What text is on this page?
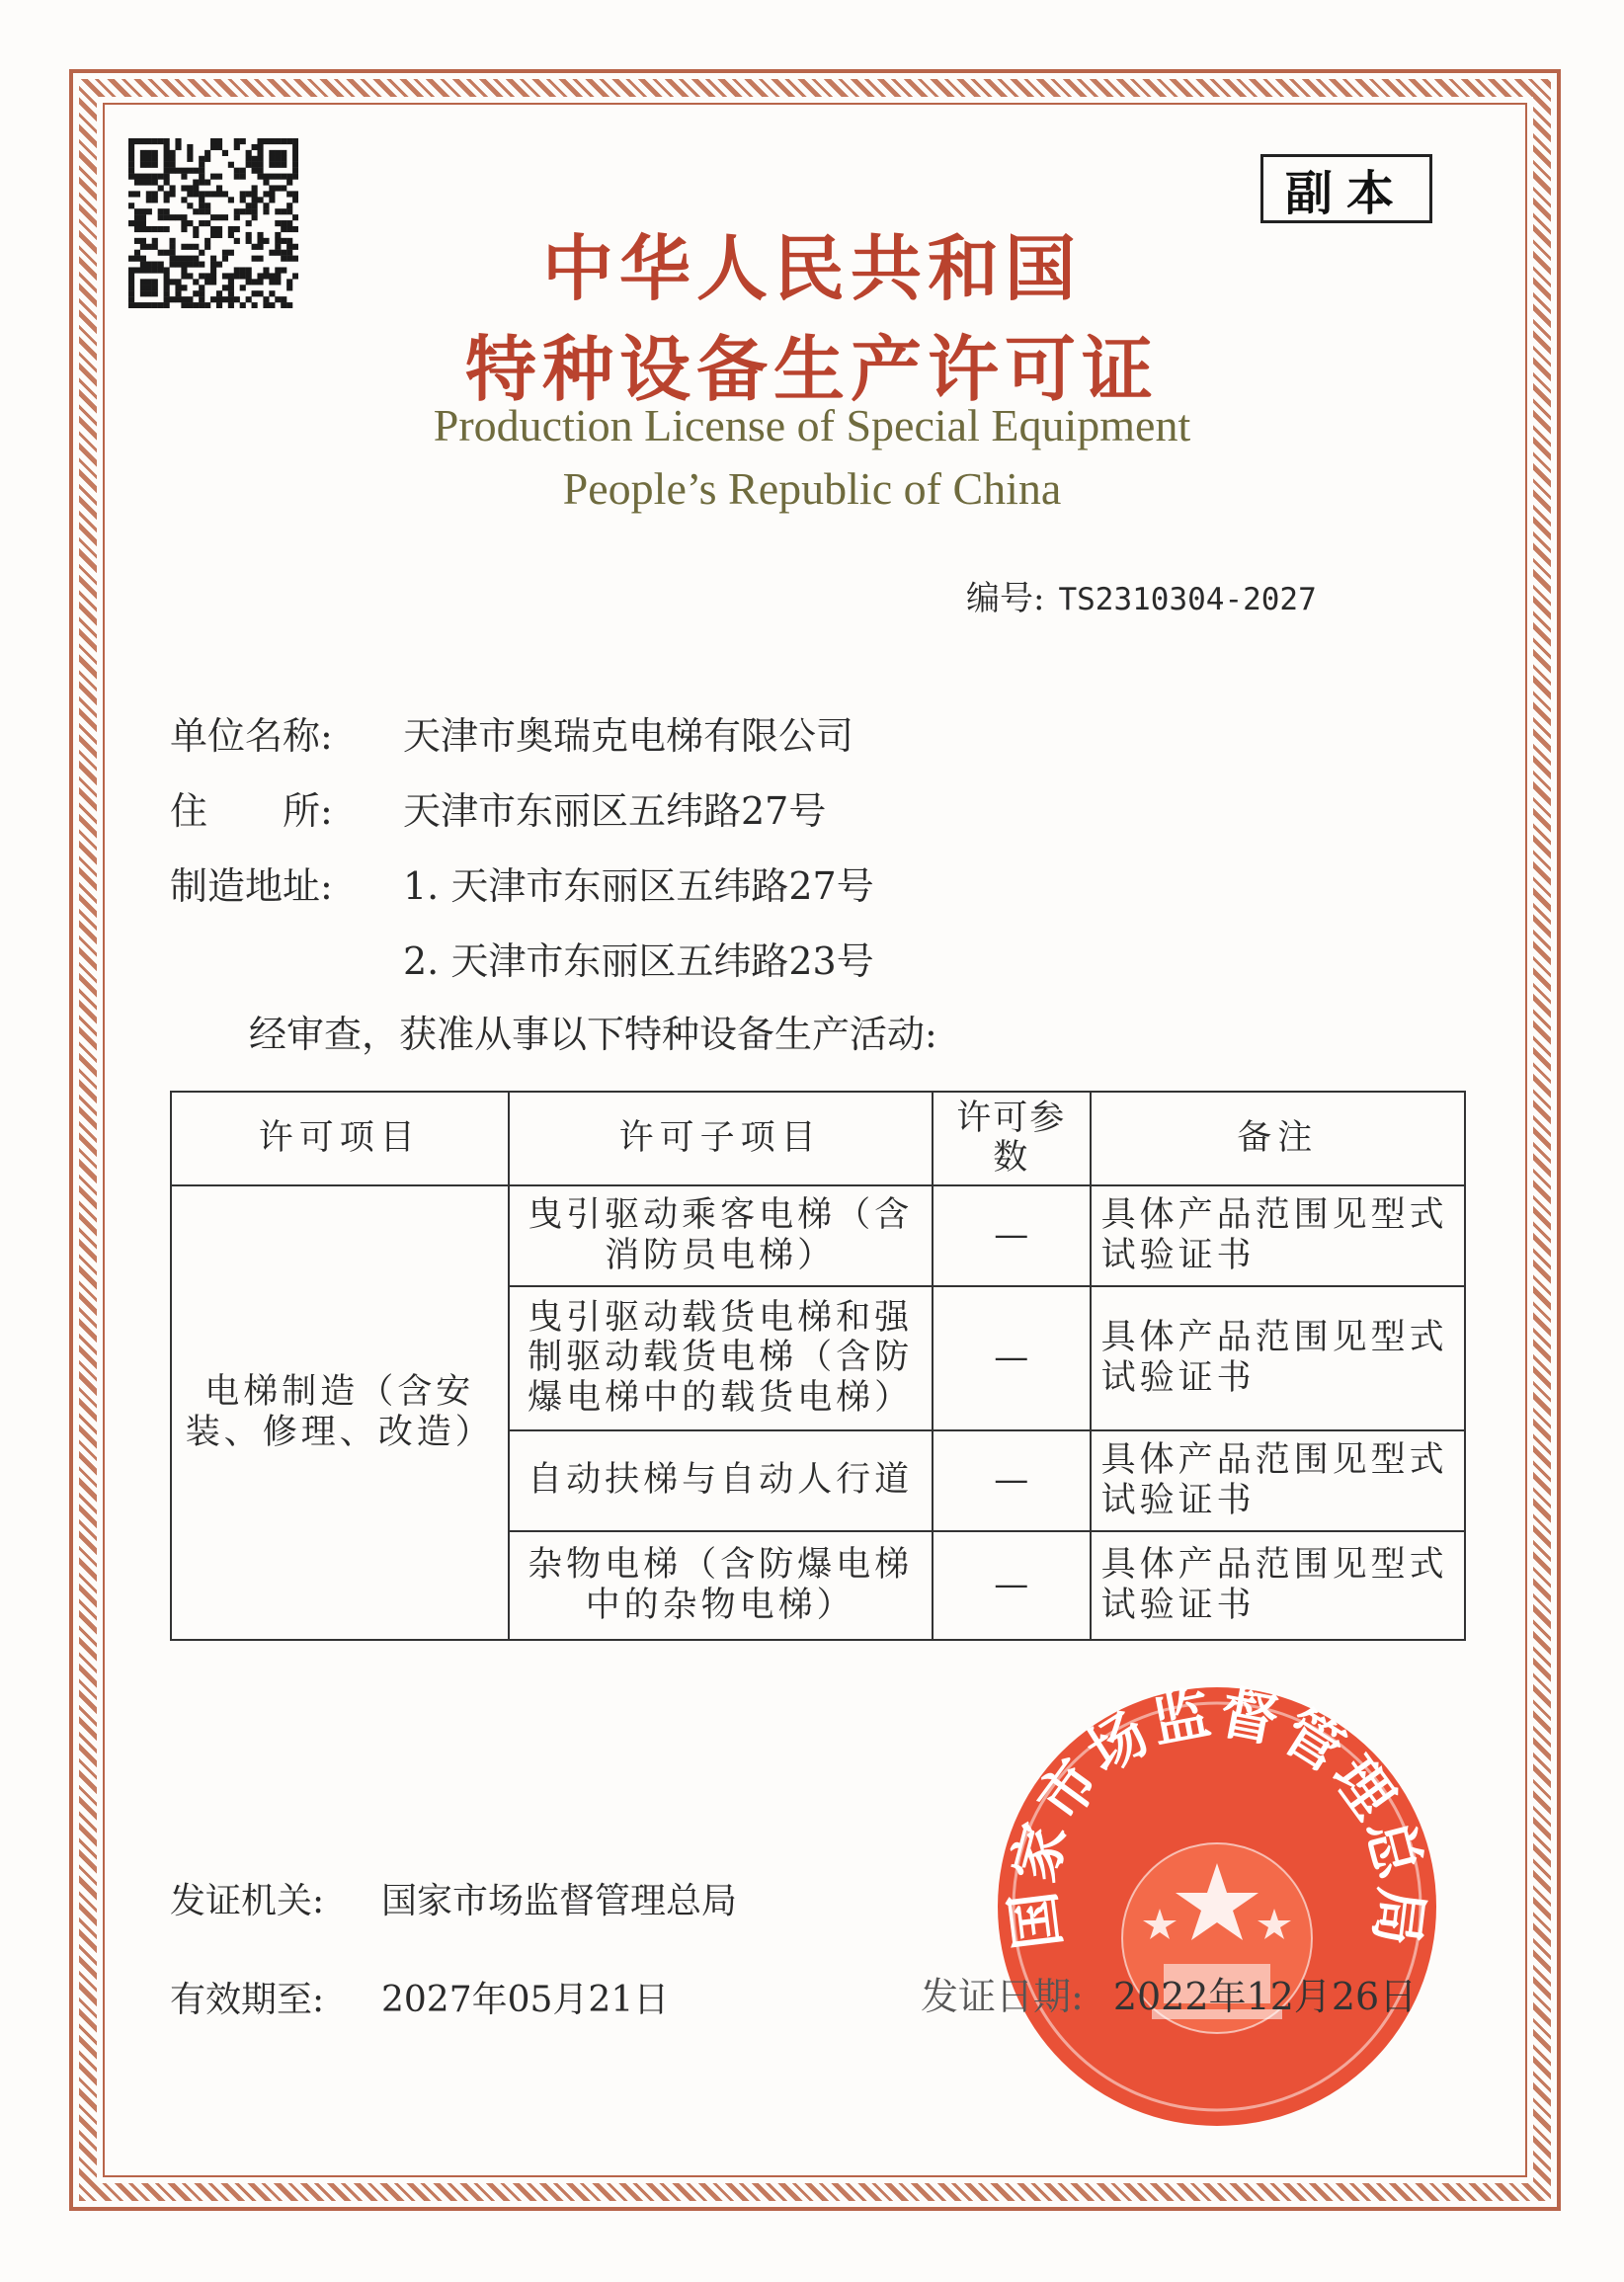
副本
中华人民共和国
特种设备生产许可证
Production License of Special Equipment
People’s Republic of China
编号: TS2310304-2027
单位名称: 天津市奥瑞克电梯有限公司
住　　所: 天津市东丽区五纬路27号
制造地址: 1. 天津市东丽区五纬路27号
2. 天津市东丽区五纬路23号
经审查，获准从事以下特种设备生产活动:
许可项目	许可子项目	许可参数	备注
电梯制造（含安装、修理、改造）	曳引驱动乘客电梯（含消防员电梯）	—	具体产品范围见型式试验证书
	曳引驱动载货电梯和强制驱动载货电梯（含防爆电梯中的载货电梯）	—	具体产品范围见型式试验证书
	自动扶梯与自动人行道	—	具体产品范围见型式试验证书
	杂物电梯（含防爆电梯中的杂物电梯）	—	具体产品范围见型式试验证书
发证机关: 国家市场监督管理总局
有效期至: 2027年05月21日
国家市场监督管理总局
发证日期: 2022年12月26日
